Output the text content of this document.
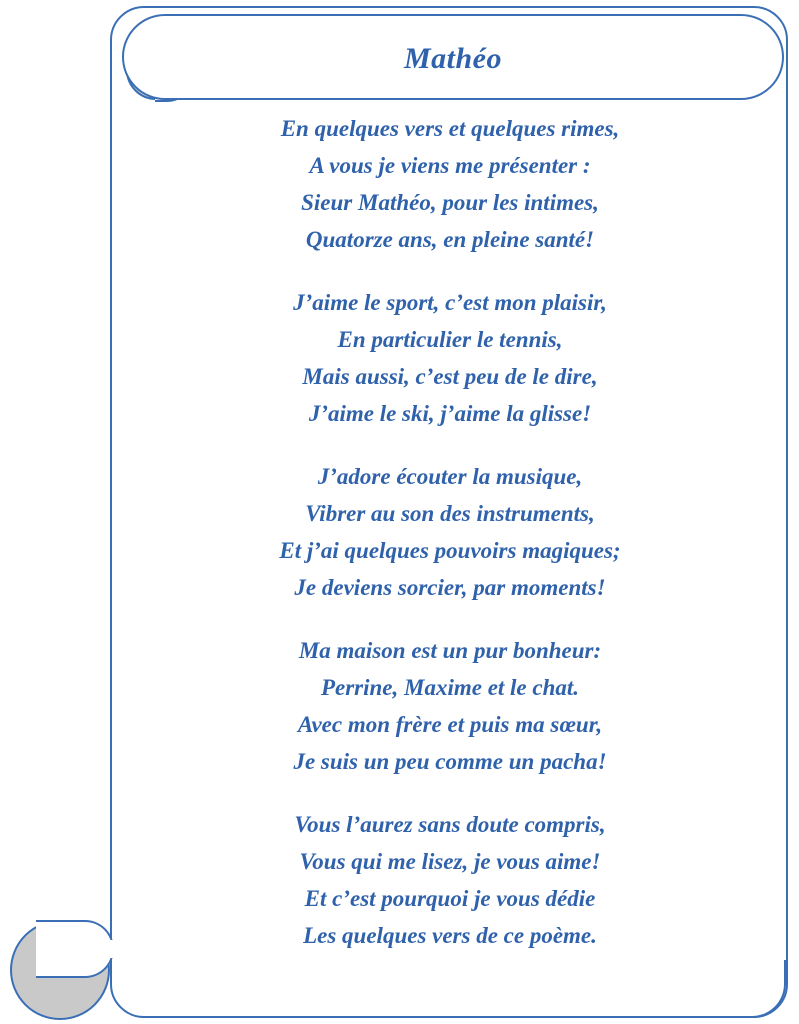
Mathéo
En quelques vers et quelques rimes,
A vous je viens me présenter :
Sieur Mathéo, pour les intimes,
Quatorze ans, en pleine santé!
J’aime le sport, c’est mon plaisir,
En particulier le tennis,
Mais aussi, c’est peu de le dire,
J’aime le ski, j’aime la glisse!
J’adore écouter la musique,
Vibrer au son des instruments,
Et j’ai quelques pouvoirs magiques;
Je deviens sorcier, par moments!
Ma maison est un pur bonheur:
Perrine, Maxime et le chat.
Avec mon frère et puis ma sœur,
Je suis un peu comme un pacha!
Vous l’aurez sans doute compris,
Vous qui me lisez, je vous aime!
Et c’est pourquoi je vous dédie
Les quelques vers de ce poème.
